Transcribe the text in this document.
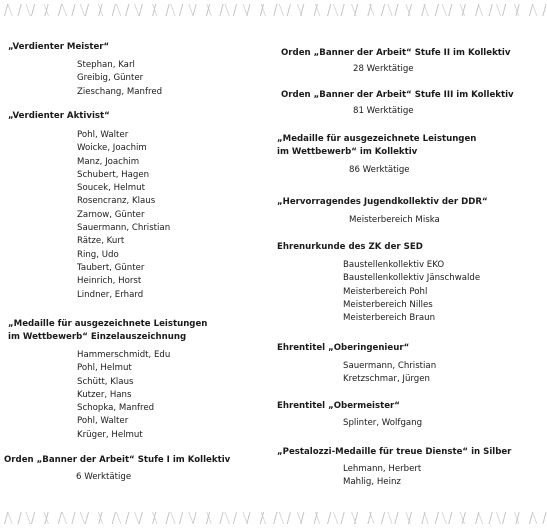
„Verdienter Meister“
Stephan, Karl
Greibig, Günter
Zieschang, Manfred
„Verdienter Aktivist“
Pohl, Walter
Woicke, Joachim
Manz, Joachim
Schubert, Hagen
Soucek, Helmut
Rosencranz, Klaus
Zarnow, Günter
Sauermann, Christian
Rätze, Kurt
Ring, Udo
Taubert, Günter
Heinrich, Horst
Lindner, Erhard
„Medaille für ausgezeichnete Leistungen
im Wettbewerb“ Einzelauszeichnung
Hammerschmidt, Edu
Pohl, Helmut
Schütt, Klaus
Kutzer, Hans
Schopka, Manfred
Pohl, Walter
Krüger, Helmut
Orden „Banner der Arbeit“ Stufe I im Kollektiv
6 Werktätige
Orden „Banner der Arbeit“ Stufe II im Kollektiv
28 Werktätige
Orden „Banner der Arbeit“ Stufe III im Kollektiv
81 Werktätige
„Medaille für ausgezeichnete Leistungen
im Wettbewerb“ im Kollektiv
86 Werktätige
„Hervorragendes Jugendkollektiv der DDR“
Meisterbereich Miska
Ehrenurkunde des ZK der SED
Baustellenkollektiv EKO
Baustellenkollektiv Jänschwalde
Meisterbereich Pohl
Meisterbereich Nilles
Meisterbereich Braun
Ehrentitel „Oberingenieur“
Sauermann, Christian
Kretzschmar, Jürgen
Ehrentitel „Obermeister“
Splinter, Wolfgang
„Pestalozzi-Medaille für treue Dienste“ in Silber
Lehmann, Herbert
Mahlig, Heinz
